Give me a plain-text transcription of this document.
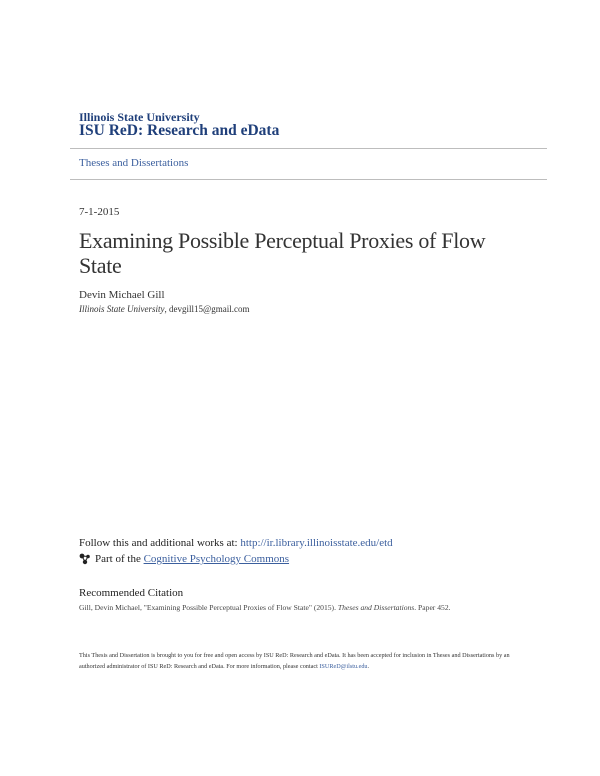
Illinois State University
ISU ReD: Research and eData
Theses and Dissertations
7-1-2015
Examining Possible Perceptual Proxies of Flow State
Devin Michael Gill
Illinois State University, devgill15@gmail.com
Follow this and additional works at: http://ir.library.illinoisstate.edu/etd
Part of the
Cognitive Psychology Commons
Recommended Citation
Gill, Devin Michael, "Examining Possible Perceptual Proxies of Flow State" (2015). Theses and Dissertations. Paper 452.
This Thesis and Dissertation is brought to you for free and open access by ISU ReD: Research and eData. It has been accepted for inclusion in Theses and Dissertations by an authorized administrator of ISU ReD: Research and eData. For more information, please contact ISUReD@ilstu.edu.
